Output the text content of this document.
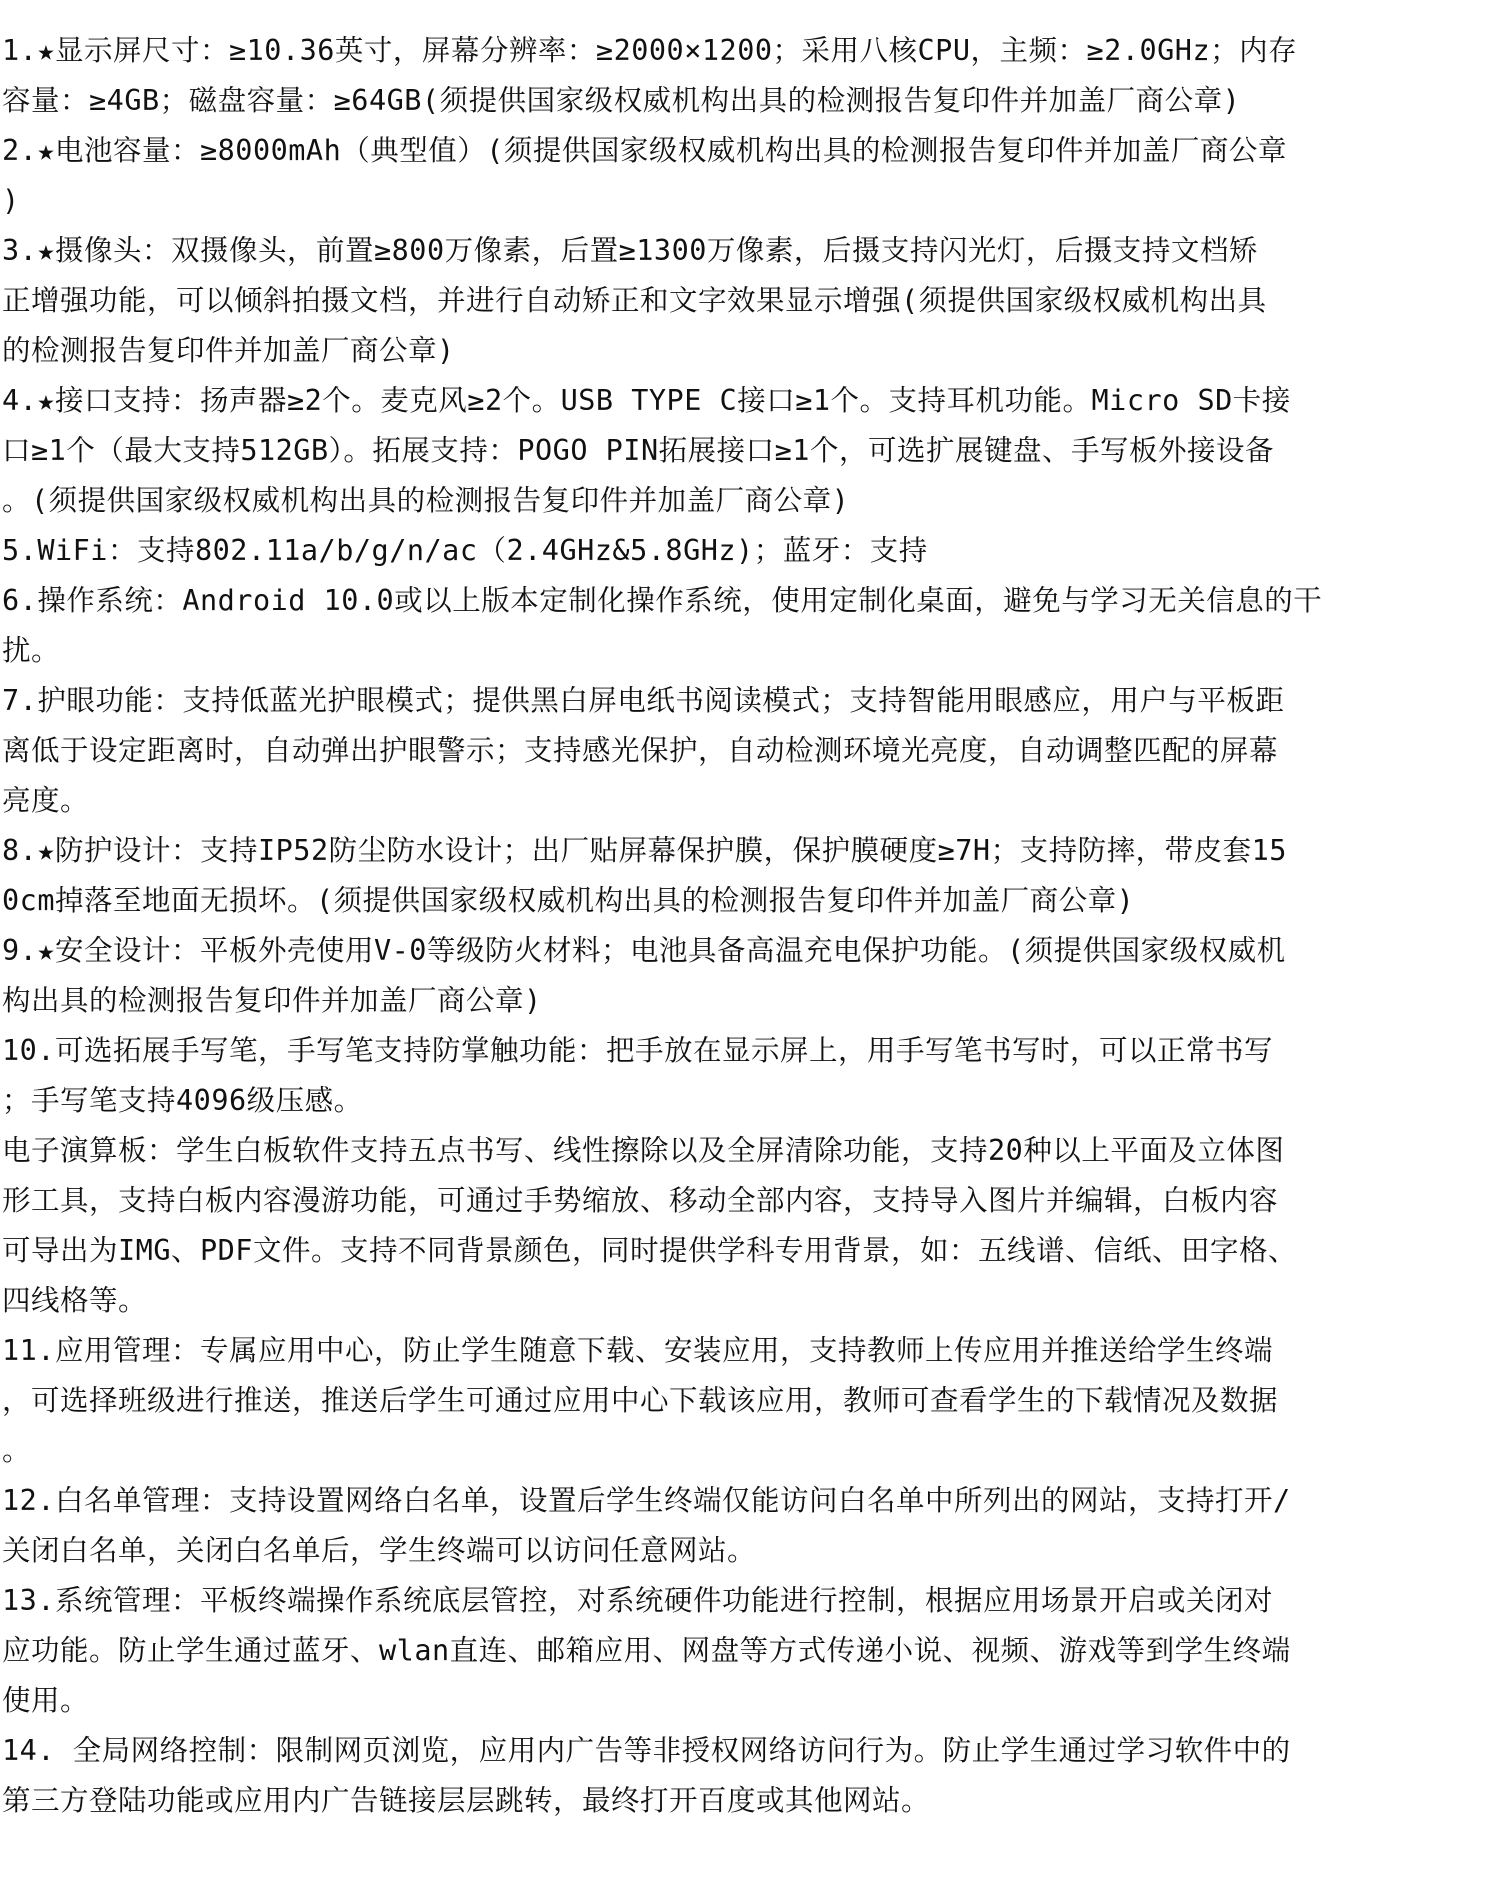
1.★显示屏尺寸：≥10.36英寸，屏幕分辨率：≥2000×1200；采用八核CPU，主频：≥2.0GHz；内存
容量：≥4GB；磁盘容量：≥64GB(须提供国家级权威机构出具的检测报告复印件并加盖厂商公章)
2.★电池容量：≥8000mAh（典型值）(须提供国家级权威机构出具的检测报告复印件并加盖厂商公章
)
3.★摄像头：双摄像头，前置≥800万像素，后置≥1300万像素，后摄支持闪光灯，后摄支持文档矫
正增强功能，可以倾斜拍摄文档，并进行自动矫正和文字效果显示增强(须提供国家级权威机构出具
的检测报告复印件并加盖厂商公章)
4.★接口支持：扬声器≥2个。麦克风≥2个。USB TYPE C接口≥1个。支持耳机功能。Micro SD卡接
口≥1个（最大支持512GB）。拓展支持：POGO PIN拓展接口≥1个，可选扩展键盘、手写板外接设备
。(须提供国家级权威机构出具的检测报告复印件并加盖厂商公章)
5.WiFi：支持802.11a/b/g/n/ac（2.4GHz&5.8GHz)；蓝牙：支持
6.操作系统：Android 10.0或以上版本定制化操作系统，使用定制化桌面，避免与学习无关信息的干
扰。
7.护眼功能：支持低蓝光护眼模式；提供黑白屏电纸书阅读模式；支持智能用眼感应，用户与平板距
离低于设定距离时，自动弹出护眼警示；支持感光保护，自动检测环境光亮度，自动调整匹配的屏幕
亮度。
8.★防护设计：支持IP52防尘防水设计；出厂贴屏幕保护膜，保护膜硬度≥7H；支持防摔，带皮套15
0cm掉落至地面无损坏。(须提供国家级权威机构出具的检测报告复印件并加盖厂商公章)
9.★安全设计：平板外壳使用V-0等级防火材料；电池具备高温充电保护功能。(须提供国家级权威机
构出具的检测报告复印件并加盖厂商公章)
10.可选拓展手写笔，手写笔支持防掌触功能：把手放在显示屏上，用手写笔书写时，可以正常书写
；手写笔支持4096级压感。
电子演算板：学生白板软件支持五点书写、线性擦除以及全屏清除功能，支持20种以上平面及立体图
形工具，支持白板内容漫游功能，可通过手势缩放、移动全部内容，支持导入图片并编辑，白板内容
可导出为IMG、PDF文件。支持不同背景颜色，同时提供学科专用背景，如：五线谱、信纸、田字格、
四线格等。
11.应用管理：专属应用中心，防止学生随意下载、安装应用，支持教师上传应用并推送给学生终端
，可选择班级进行推送，推送后学生可通过应用中心下载该应用，教师可查看学生的下载情况及数据
。
12.白名单管理：支持设置网络白名单，设置后学生终端仅能访问白名单中所列出的网站，支持打开/
关闭白名单，关闭白名单后，学生终端可以访问任意网站。
13.系统管理：平板终端操作系统底层管控，对系统硬件功能进行控制，根据应用场景开启或关闭对
应功能。防止学生通过蓝牙、wlan直连、邮箱应用、网盘等方式传递小说、视频、游戏等到学生终端
使用。
14. 全局网络控制：限制网页浏览，应用内广告等非授权网络访问行为。防止学生通过学习软件中的
第三方登陆功能或应用内广告链接层层跳转，最终打开百度或其他网站。
